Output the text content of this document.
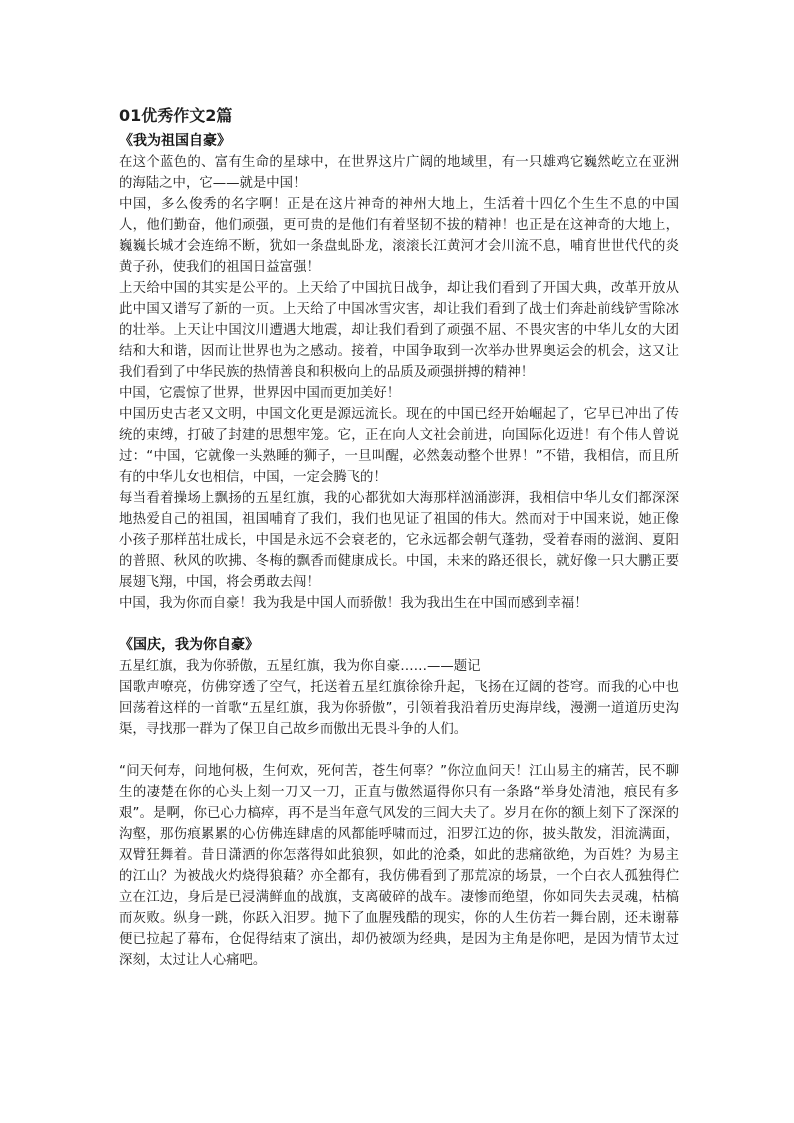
01优秀作文2篇
《我为祖国自豪》

在这个蓝色的、富有生命的星球中，在世界这片广阔的地域里，有一只雄鸡它巍然屹立在亚洲的海陆之中，它——就是中国！

中国，多么俊秀的名字啊！正是在这片神奇的神州大地上，生活着十四亿个生生不息的中国人，他们勤奋，他们顽强，更可贵的是他们有着坚韧不拔的精神！也正是在这神奇的大地上，巍巍长城才会连绵不断，犹如一条盘虬卧龙，滚滚长江黄河才会川流不息，哺育世世代代的炎黄子孙，使我们的祖国日益富强！

上天给中国的其实是公平的。上天给了中国抗日战争，却让我们看到了开国大典，改革开放从此中国又谱写了新的一页。上天给了中国冰雪灾害，却让我们看到了战士们奔赴前线铲雪除冰的壮举。上天让中国汶川遭遇大地震，却让我们看到了顽强不屈、不畏灾害的中华儿女的大团结和大和谐，因而让世界也为之感动。接着，中国争取到一次举办世界奥运会的机会，这又让我们看到了中华民族的热情善良和积极向上的品质及顽强拼搏的精神！

中国，它震惊了世界，世界因中国而更加美好！

中国历史古老又文明，中国文化更是源远流长。现在的中国已经开始崛起了，它早已冲出了传统的束缚，打破了封建的思想牢笼。它，正在向人文社会前进，向国际化迈进！有个伟人曾说过：“中国，它就像一头熟睡的狮子，一旦叫醒，必然轰动整个世界！”不错，我相信，而且所有的中华儿女也相信，中国，一定会腾飞的！

每当看着操场上飘扬的五星红旗，我的心都犹如大海那样汹涌澎湃，我相信中华儿女们都深深地热爱自己的祖国，祖国哺育了我们，我们也见证了祖国的伟大。然而对于中国来说，她正像小孩子那样茁壮成长，中国是永远不会衰老的，它永远都会朝气蓬勃，受着春雨的滋润、夏阳的普照、秋风的吹拂、冬梅的飘香而健康成长。中国，未来的路还很长，就好像一只大鹏正要展翅飞翔，中国，将会勇敢去闯！

中国，我为你而自豪！我为我是中国人而骄傲！我为我出生在中国而感到幸福！

《国庆，我为你自豪》

五星红旗，我为你骄傲，五星红旗，我为你自豪……——题记

国歌声嘹亮，仿佛穿透了空气，托送着五星红旗徐徐升起，飞扬在辽阔的苍穹。而我的心中也回荡着这样的一首歌“五星红旗，我为你骄傲”，引领着我沿着历史海岸线，漫溯一道道历史沟渠，寻找那一群为了保卫自己故乡而傲出无畏斗争的人们。

“问天何寿，问地何极，生何欢，死何苦，苍生何辜？”你泣血问天！江山易主的痛苦，民不聊生的凄楚在你的心头上刻一刀又一刀，正直与傲然逼得你只有一条路“举身处清池，痕民有多艰”。是啊，你已心力槁瘁，再不是当年意气风发的三闾大夫了。岁月在你的额上刻下了深深的沟壑，那伤痕累累的心仿佛连肆虐的风都能呼啸而过，汨罗江边的你，披头散发，泪流满面，双臂狂舞着。昔日潇洒的你怎落得如此狼狈，如此的沧桑，如此的悲痛欲绝，为百姓？为易主的江山？为被战火灼烧得狼藉？亦全都有，我仿佛看到了那荒凉的场景，一个白衣人孤独得伫立在江边，身后是已浸满鲜血的战旗，支离破碎的战车。凄惨而绝望，你如同失去灵魂，枯槁而灰败。纵身一跳，你跃入汨罗。抛下了血腥残酷的现实，你的人生仿若一舞台剧，还未谢幕便已拉起了幕布，仓促得结束了演出，却仍被颂为经典，是因为主角是你吧，是因为情节太过深刻，太过让人心痛吧。
